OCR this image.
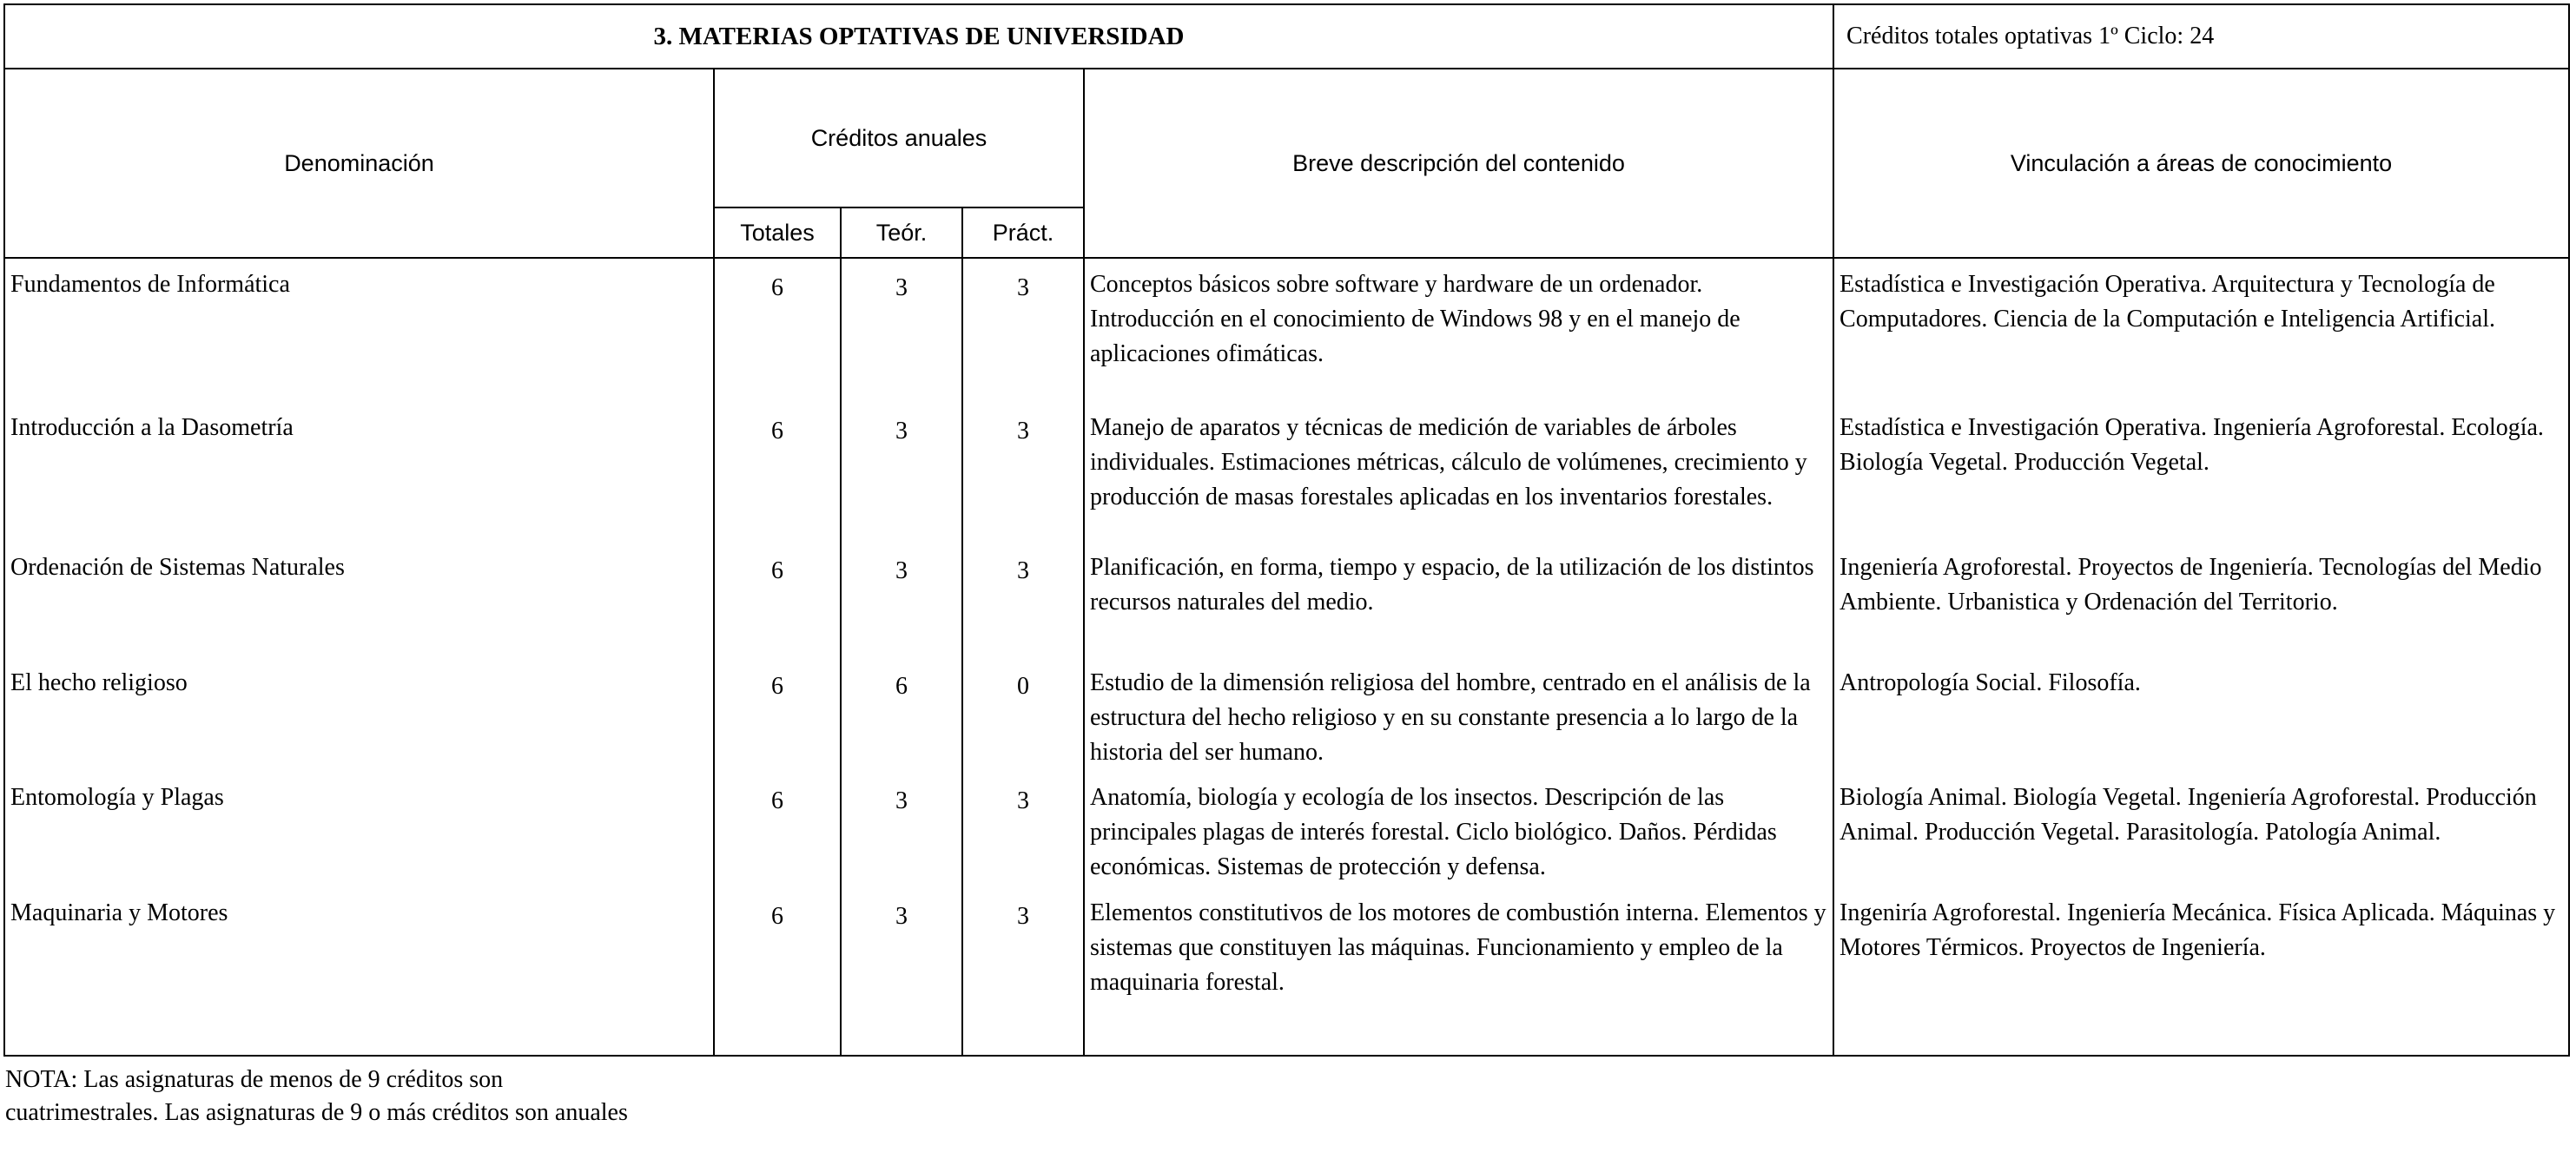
3. MATERIAS OPTATIVAS DE UNIVERSIDAD					Créditos totales optativas 1º Ciclo: 24
Denominación	Créditos anuales			Breve descripción del contenido	Vinculación a áreas de conocimiento
	Totales	Teór.	Práct.		
Fundamentos de Informática	6	3	3	Conceptos básicos sobre software y hardware de un ordenador. Introducción en el conocimiento de Windows 98 y en el manejo de aplicaciones ofimáticas.	Estadística e Investigación Operativa. Arquitectura y Tecnología de Computadores. Ciencia de la Computación e Inteligencia Artificial.
Introducción a la Dasometría	6	3	3	Manejo de aparatos y técnicas de medición de variables de árboles individuales. Estimaciones métricas, cálculo de volúmenes, crecimiento y producción de masas forestales aplicadas en los inventarios forestales.	Estadística e Investigación Operativa. Ingeniería Agroforestal. Ecología. Biología Vegetal. Producción Vegetal.
Ordenación de Sistemas Naturales	6	3	3	Planificación, en forma, tiempo y espacio, de la utilización de los distintos recursos naturales del medio.	Ingeniería Agroforestal. Proyectos de Ingeniería. Tecnologías del Medio Ambiente. Urbanistica y Ordenación del Territorio.
El hecho religioso	6	6	0	Estudio de la dimensión religiosa del hombre, centrado en el análisis de la estructura del hecho religioso y en su constante presencia a lo largo de la historia del ser humano.	Antropología Social. Filosofía.
Entomología y Plagas	6	3	3	Anatomía, biología y ecología de los insectos. Descripción de las principales plagas de interés forestal. Ciclo biológico. Daños. Pérdidas económicas. Sistemas de protección y defensa.	Biología Animal. Biología Vegetal. Ingeniería Agroforestal. Producción Animal. Producción Vegetal. Parasitología. Patología Animal.
Maquinaria y Motores	6	3	3	Elementos constitutivos de los motores de combustión interna. Elementos y sistemas que constituyen las máquinas. Funcionamiento y empleo de la maquinaria forestal.	Ingeniría Agroforestal. Ingeniería Mecánica. Física Aplicada. Máquinas y Motores Térmicos. Proyectos de Ingeniería.
NOTA: Las asignaturas de menos de 9 créditos son cuatrimestrales. Las asignaturas de 9 o más créditos son anuales
